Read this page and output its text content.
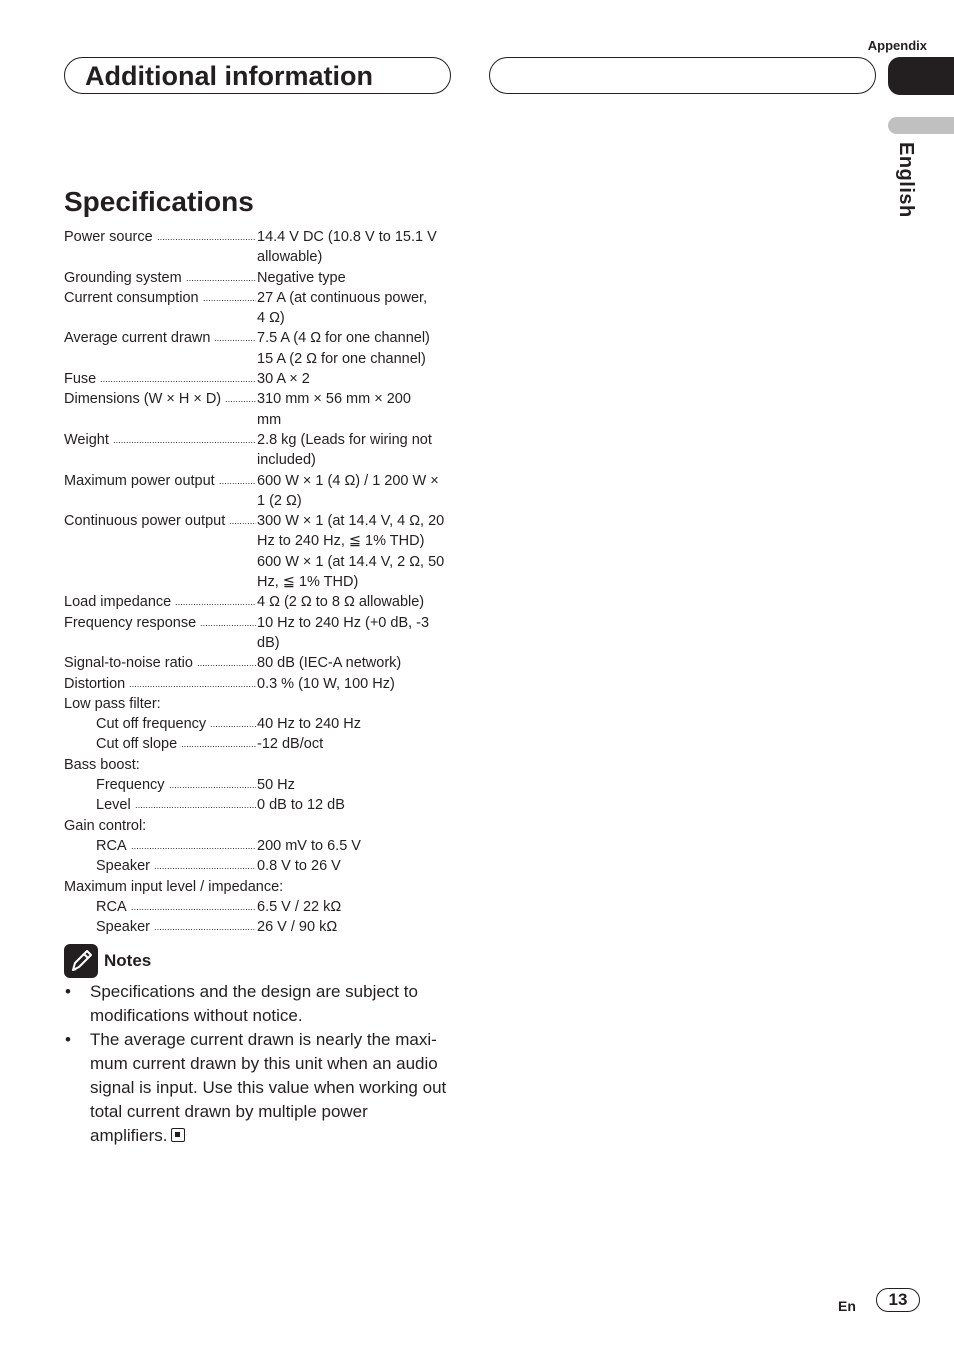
Appendix
Additional information
English
Specifications
Power source	14.4 V DC (10.8 V to 15.1 V
allowable)
Grounding system	Negative type
Current consumption	27 A (at continuous power,
4 Ω)
Average current drawn	7.5 A (4 Ω for one channel)
15 A (2 Ω for one channel)
Fuse	30 A × 2
Dimensions (W × H × D) 310 mm × 56 mm × 200
mm
Weight	2.8 kg (Leads for wiring not
included)
Maximum power output	600 W × 1 (4 Ω) / 1 200 W ×
1 (2 Ω)
Continuous power output 300 W × 1 (at 14.4 V, 4 Ω, 20
Hz to 240 Hz, ≦ 1% THD)
600 W × 1 (at 14.4 V, 2 Ω, 50
Hz, ≦ 1% THD)
Load impedance	4 Ω (2 Ω to 8 Ω allowable)
Frequency response	10 Hz to 240 Hz (+0 dB, -3
dB)
Signal-to-noise ratio	80 dB (IEC-A network)
Distortion	0.3 % (10 W, 100 Hz)
Low pass filter:
Cut off frequency	40 Hz to 240 Hz
Cut off slope	-12 dB/oct
Bass boost:
Frequency	50 Hz
Level	0 dB to 12 dB
Gain control:
RCA	200 mV to 6.5 V
Speaker	0.8 V to 26 V
Maximum input level / impedance:
RCA	6.5 V / 22 kΩ
Speaker	26 V / 90 kΩ
Notes
• Specifications and the design are subject to modifications without notice.
• The average current drawn is nearly the maxi- mum current drawn by this unit when an audio signal is input. Use this value when working out total current drawn by multiple power amplifiers.
En	13
